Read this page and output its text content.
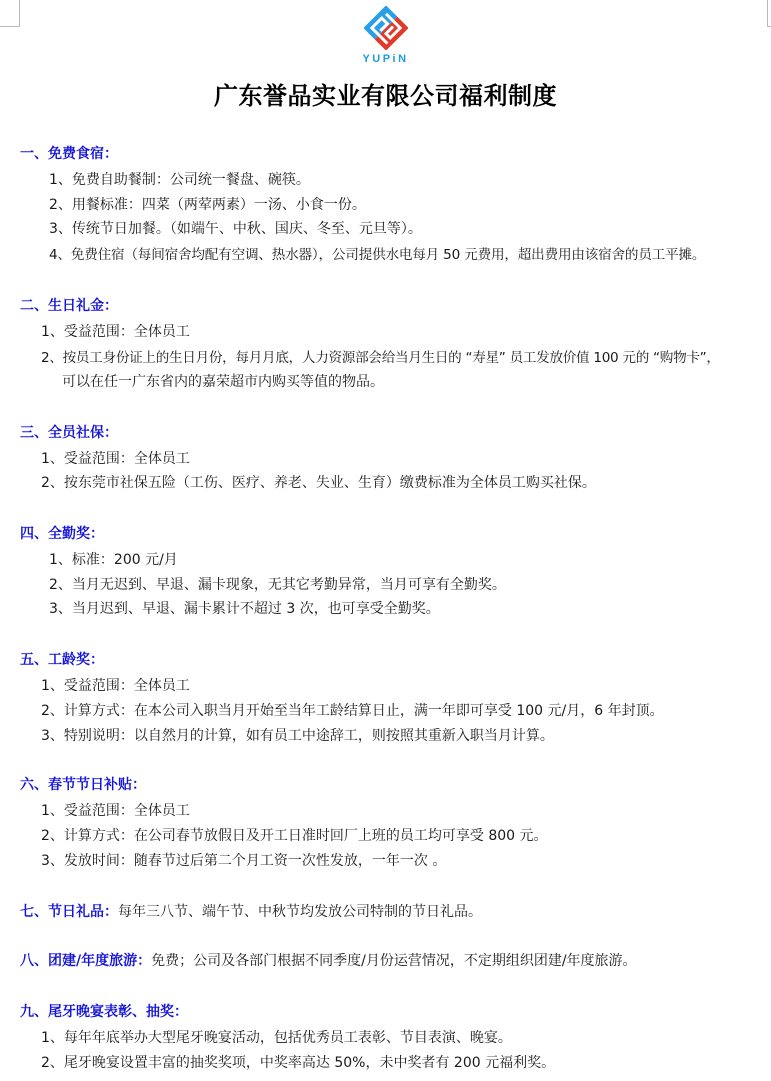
YUPiN
广东誉品实业有限公司福利制度
一、免费食宿：
1、免费自助餐制：公司统一餐盘、碗筷。
2、用餐标准：四菜（两荤两素）一汤、小食一份。
3、传统节日加餐。（如端午、中秋、国庆、冬至、元旦等）。
4、免费住宿（每间宿舍均配有空调、热水器），公司提供水电每月 50 元费用，超出费用由该宿舍的员工平摊。
二、生日礼金：
1、受益范围：全体员工
2、按员工身份证上的生日月份，每月月底，人力资源部会给当月生日的 “寿星” 员工发放价值 100 元的 “购物卡”，
可以在任一广东省内的嘉荣超市内购买等值的物品。
三、全员社保：
1、受益范围：全体员工
2、按东莞市社保五险（工伤、医疗、养老、失业、生育）缴费标准为全体员工购买社保。
四、全勤奖：
1、标准：200 元/月
2、当月无迟到、早退、漏卡现象，无其它考勤异常，当月可享有全勤奖。
3、当月迟到、早退、漏卡累计不超过 3 次，也可享受全勤奖。
五、工龄奖：
1、受益范围：全体员工
2、计算方式：在本公司入职当月开始至当年工龄结算日止，满一年即可享受 100 元/月，6 年封顶。
3、特别说明：以自然月的计算，如有员工中途辞工，则按照其重新入职当月计算。
六、春节节日补贴：
1、受益范围：全体员工
2、计算方式：在公司春节放假日及开工日准时回厂上班的员工均可享受 800 元。
3、发放时间：随春节过后第二个月工资一次性发放，一年一次 。
七、节日礼品：每年三八节、端午节、中秋节均发放公司特制的节日礼品。
八、团建/年度旅游：免费；公司及各部门根据不同季度/月份运营情况，不定期组织团建/年度旅游。
九、尾牙晚宴表彰、抽奖：
1、每年年底举办大型尾牙晚宴活动，包括优秀员工表彰、节目表演、晚宴。
2、尾牙晚宴设置丰富的抽奖奖项，中奖率高达 50%，未中奖者有 200 元福利奖。
